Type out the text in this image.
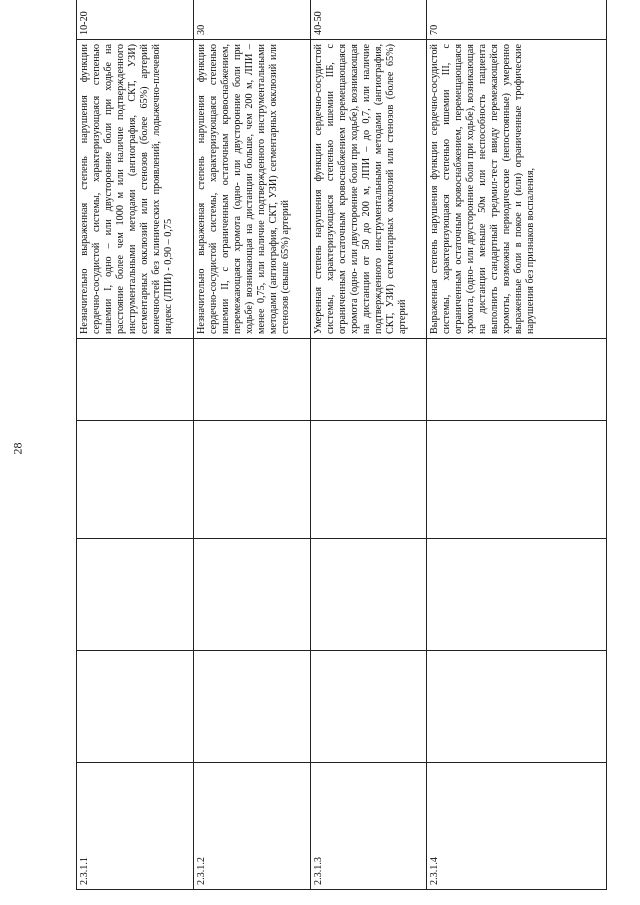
28
2.3.1.1					Незначительно выраженная степень нарушения функции сердечно-сосудистой системы, характеризующаяся степенью ишемии I, одно – или двусторонние боли при ходьбе на расстояние более чем 1000 м или наличие подтвержденного инструментальными методами (ангиография, СКТ, УЗИ) сегментарных окклюзий или стенозов (более 65%) артерий конечностей без клинических проявлений, лодыжечно-плечевой индекс (ЛПИ) - 0,90 – 0,75	10-20
2.3.1.2					Незначительно выраженная степень нарушения функции сердечно-сосудистой системы, характеризующаяся степенью ишемии II, с ограниченным остаточным кровоснабжением, перемежающаяся хромота (одно- или двусторонние боли при ходьбе) возникающая на дистанции больше, чем 200 м, ЛПИ – менее 0,75, или наличие подтвержденного инструментальными методами (ангиография, СКТ, УЗИ) сегментарных окклюзий или стенозов (свыше 65%) артерий	30
2.3.1.3					Умеренная степень нарушения функции сердечно-сосудистой системы, характеризующаяся степенью ишемии IIБ, с ограниченным остаточным кровоснабжением перемещающаяся хромота (одно- или двусторонние боли при ходьбе), возникающая на дистанции от 50 до 200 м, ЛПИ – до 0,7, или наличие подтвержденного инструментальными методами (ангиография, СКТ, УЗИ) сегментарных окклюзий или стенозов (более 65%) артерий	40-50
2.3.1.4					Выраженная степень нарушения функции сердечно-сосудистой системы, характеризующаяся степенью ишемии III, с ограниченным остаточным кровоснабжением, перемещающаяся хромота, (одно- или двусторонние боли при ходьбе), возникающая на дистанции меньше 50м или неспособность пациента выполнить стандартный тредмил-тест ввиду перемежающейся хромоты, возможны периодические (непостоянные) умеренно выраженные боли в покое и (или) ограниченные трофические нарушения без признаков воспаления,	70
